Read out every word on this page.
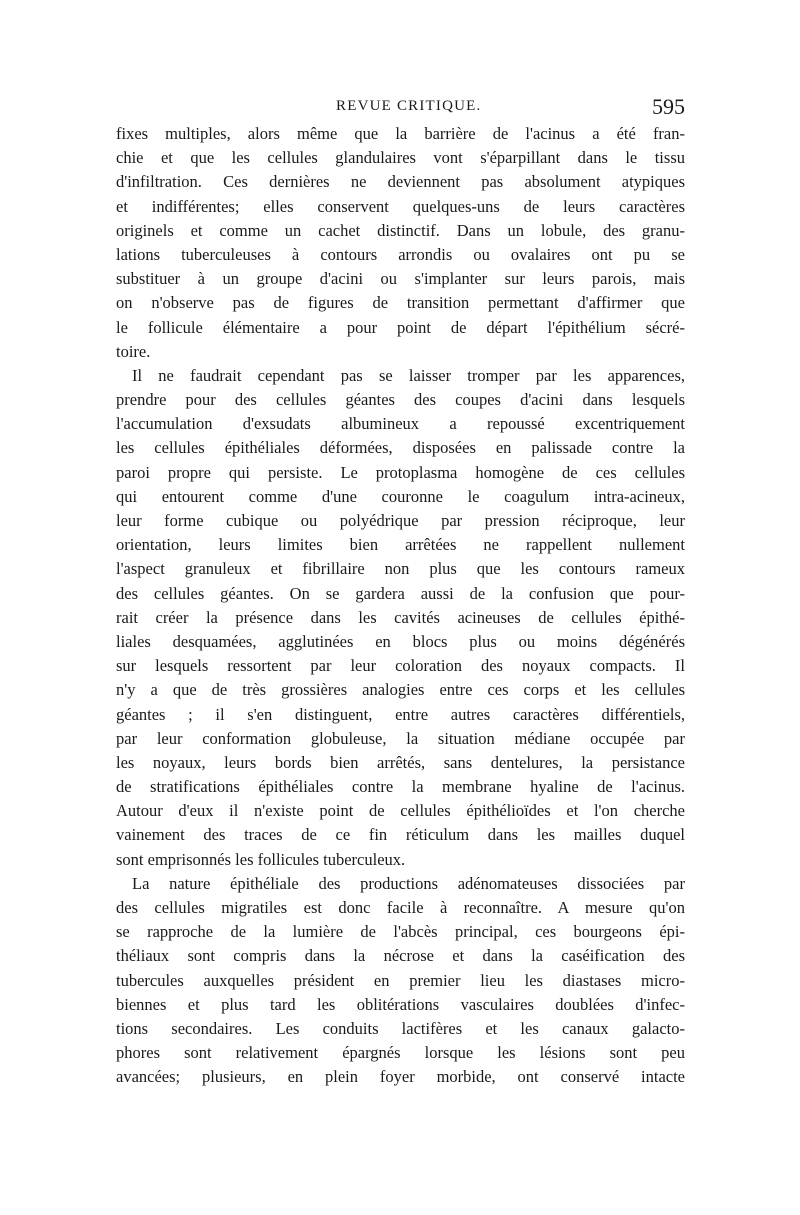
REVUE CRITIQUE.	595
fixes multiples, alors même que la barrière de l'acinus a été fran-
chie et que les cellules glandulaires vont s'éparpillant dans le tissu
d'infiltration. Ces dernières ne deviennent pas absolument atypiques
et indifférentes; elles conservent quelques-uns de leurs caractères
originels et comme un cachet distinctif. Dans un lobule, des granu-
lations tuberculeuses à contours arrondis ou ovalaires ont pu se
substituer à un groupe d'acini ou s'implanter sur leurs parois, mais
on n'observe pas de figures de transition permettant d'affirmer que
le follicule élémentaire a pour point de départ l'épithélium sécré-
toire.
Il ne faudrait cependant pas se laisser tromper par les apparences,
prendre pour des cellules géantes des coupes d'acini dans lesquels
l'accumulation d'exsudats albumineux a repoussé excentriquement
les cellules épithéliales déformées, disposées en palissade contre la
paroi propre qui persiste. Le protoplasma homogène de ces cellules
qui entourent comme d'une couronne le coagulum intra-acineux,
leur forme cubique ou polyédrique par pression réciproque, leur
orientation, leurs limites bien arrêtées ne rappellent nullement
l'aspect granuleux et fibrillaire non plus que les contours rameux
des cellules géantes. On se gardera aussi de la confusion que pour-
rait créer la présence dans les cavités acineuses de cellules épithé-
liales desquamées, agglutinées en blocs plus ou moins dégénérés
sur lesquels ressortent par leur coloration des noyaux compacts. Il
n'y a que de très grossières analogies entre ces corps et les cellules
géantes ; il s'en distinguent, entre autres caractères différentiels,
par leur conformation globuleuse, la situation médiane occupée par
les noyaux, leurs bords bien arrêtés, sans dentelures, la persistance
de stratifications épithéliales contre la membrane hyaline de l'acinus.
Autour d'eux il n'existe point de cellules épithélioïdes et l'on cherche
vainement des traces de ce fin réticulum dans les mailles duquel
sont emprisonnés les follicules tuberculeux.
La nature épithéliale des productions adénomateuses dissociées par
des cellules migratiles est donc facile à reconnaître. A mesure qu'on
se rapproche de la lumière de l'abcès principal, ces bourgeons épi-
théliaux sont compris dans la nécrose et dans la caséification des
tubercules auxquelles président en premier lieu les diastases micro-
biennes et plus tard les oblitérations vasculaires doublées d'infec-
tions secondaires. Les conduits lactifères et les canaux galacto-
phores sont relativement épargnés lorsque les lésions sont peu
avancées; plusieurs, en plein foyer morbide, ont conservé intacte
